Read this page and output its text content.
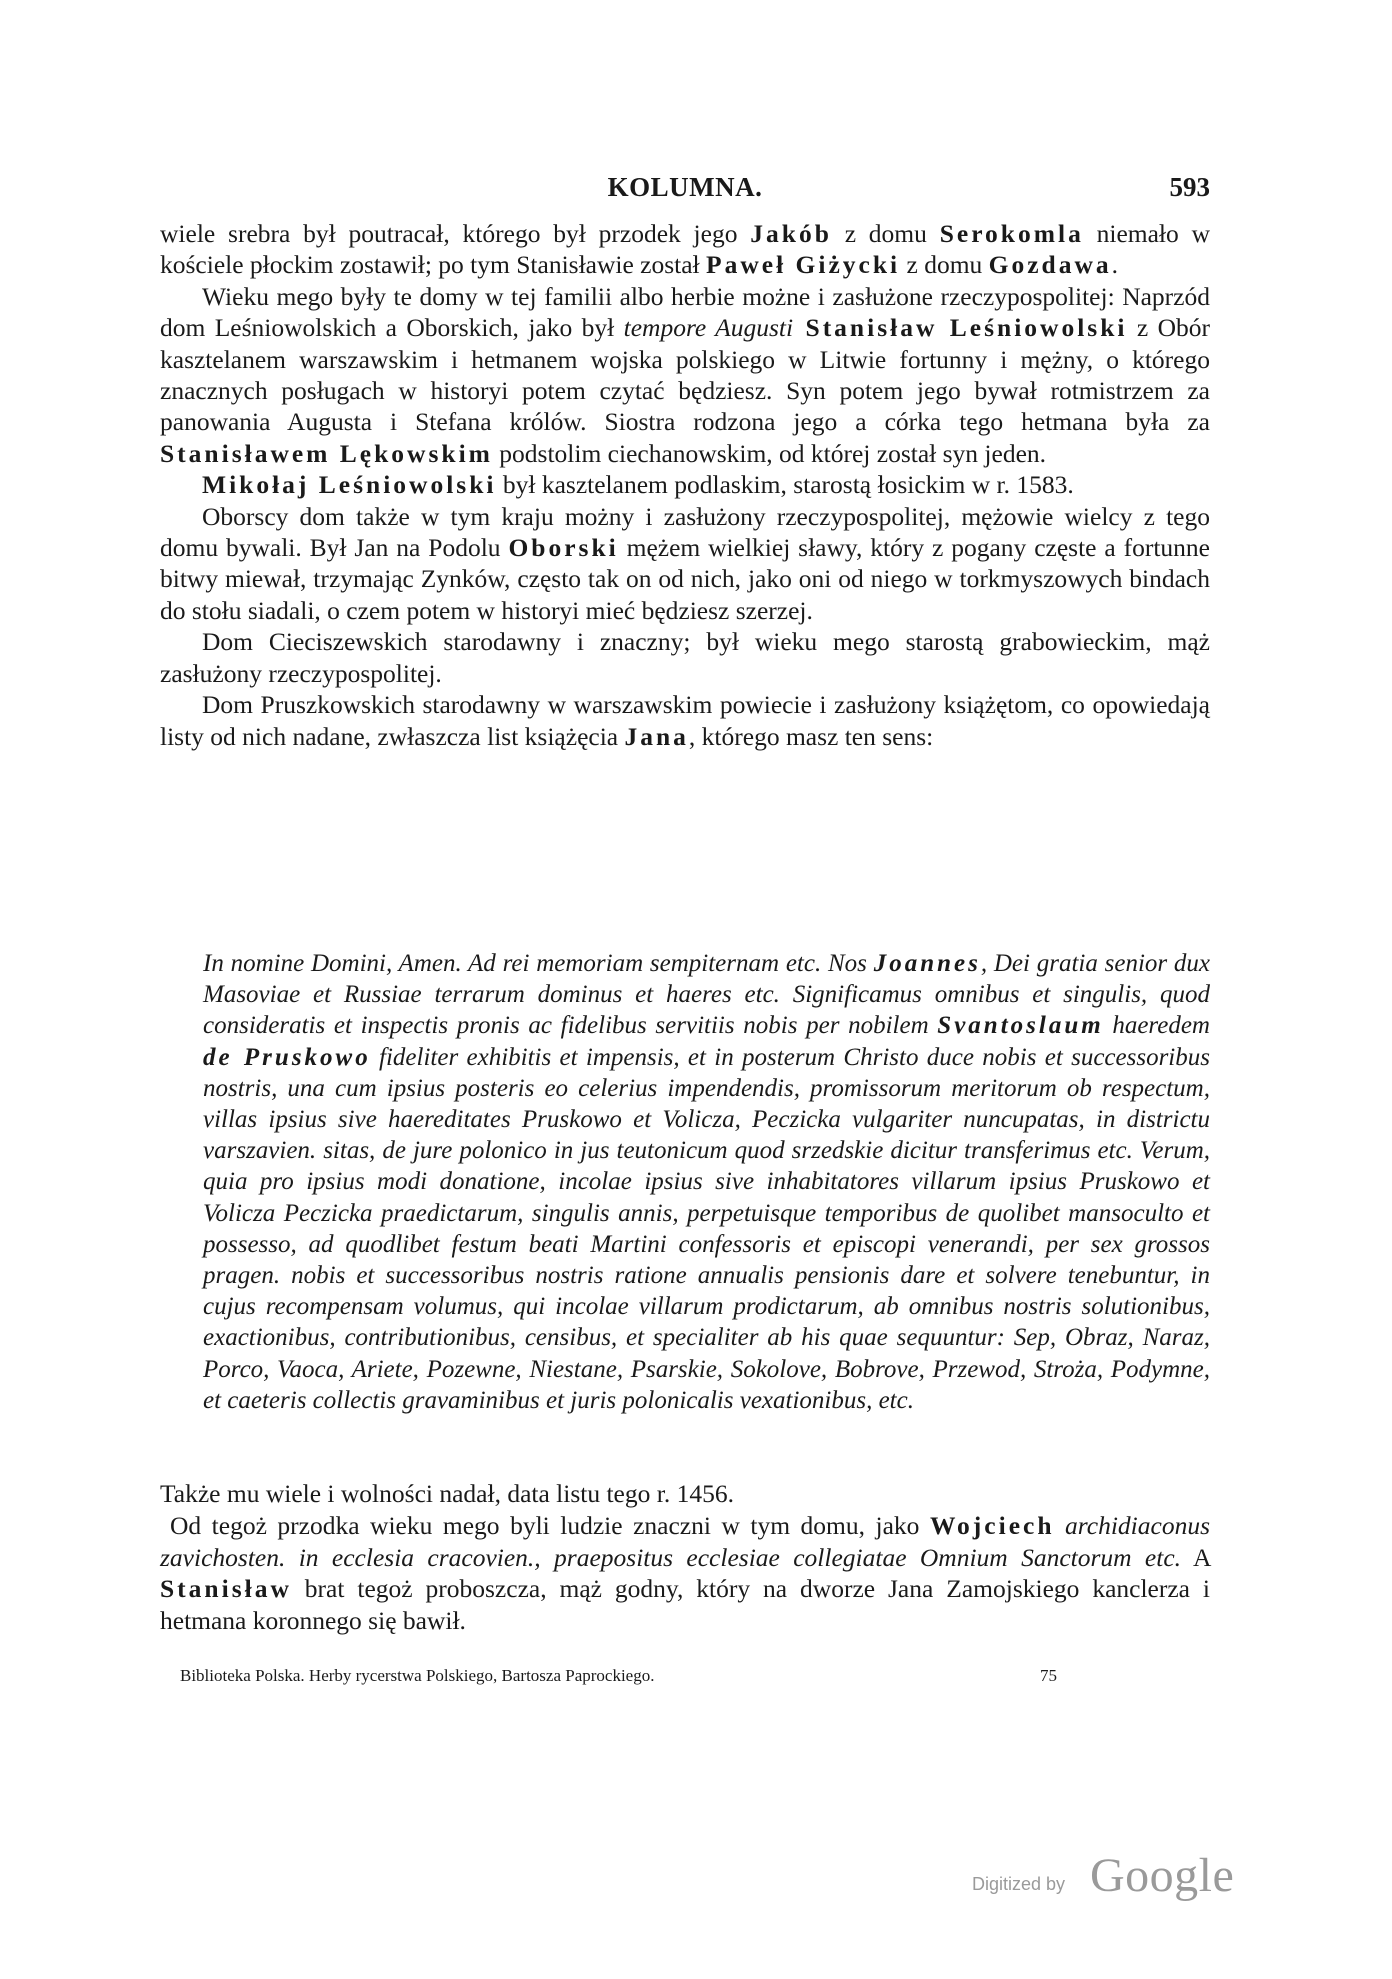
KOLUMNA.	593

wiele srebra był poutracał, którego był przodek jego Jakób z domu Serokomla niemało w kościele płockim zostawił; po tym Stanisławie został Paweł Giżycki z domu Gozdawa.

Wieku mego były te domy w tej familii albo herbie możne i zasłużone rzeczypospolitej: Naprzód dom Leśniowolskich a Oborskich, jako był tempore Augusti Stanisław Leśniowolski z Obór kasztelanem warszawskim i hetmanem wojska polskiego w Litwie fortunny i mężny, o którego znacznych posługach w historyi potem czytać będziesz. Syn potem jego bywał rotmistrzem za panowania Augusta i Stefana królów. Siostra rodzona jego a córka tego hetmana była za Stanisławem Lękowskim podstolim ciechanowskim, od której został syn jeden.

Mikołaj Leśniowolski był kasztelanem podlaskim, starostą łosickim w r. 1583.

Oborscy dom także w tym kraju możny i zasłużony rzeczypospolitej, mężowie wielcy z tego domu bywali. Był Jan na Podolu Oborski mężem wielkiej sławy, który z pogany częste a fortunne bitwy miewał, trzymając Zynków, często tak on od nich, jako oni od niego w torkmyszowych bindach do stołu siadali, o czem potem w historyi mieć będziesz szerzej.

Dom Cieciszewskich starodawny i znaczny; był wieku mego starostą grabowieckim, mąż zasłużony rzeczypospolitej.

Dom Pruszkowskich starodawny w warszawskim powiecie i zasłużony książętom, co opowiedają listy od nich nadane, zwłaszcza list książęcia Jana, którego masz ten sens:

In nomine Domini, Amen. Ad rei memoriam sempiternam etc. Nos Joannes, Dei gratia senior dux Masoviae et Russiae terrarum dominus et haeres etc. Significamus omnibus et singulis, quod consideratis et inspectis pronis ac fidelibus servitiis nobis per nobilem Svantoslaum haeredem de Pruskowo fideliter exhibitis et impensis, et in posterum Christo duce nobis et successoribus nostris, una cum ipsius posteris eo celerius impendendis, promissorum meritorum ob respectum, villas ipsius sive haereditates Pruskowo et Volicza, Peczicka vulgariter nuncupatas, in districtu varszavien. sitas, de jure polonico in jus teutonicum quod srzedskie dicitur transferimus etc. Verum, quia pro ipsius modi donatione, incolae ipsius sive inhabitatores villarum ipsius Pruskowo et Volicza Peczicka praedictarum, singulis annis, perpetuisque temporibus de quolibet mansoculto et possesso, ad quodlibet festum beati Martini confessoris et episcopi venerandi, per sex grossos pragen. nobis et successoribus nostris ratione annualis pensionis dare et solvere tenebuntur, in cujus recompensam volumus, qui incolae villarum prodictarum, ab omnibus nostris solutionibus, exactionibus, contributionibus, censibus, et specialiter ab his quae sequuntur: Sep, Obraz, Naraz, Porco, Vaoca, Ariete, Pozewne, Niestane, Psarskie, Sokolove, Bobrove, Przewod, Stroża, Podymne, et caeteris collectis gravaminibus et juris polonicalis vexationibus, etc.

Także mu wiele i wolności nadał, data listu tego r. 1456.

Od tegoż przodka wieku mego byli ludzie znaczni w tym domu, jako Wojciech archidiaconus zavichosten. in ecclesia cracovien., praepositus ecclesiae collegiatae Omnium Sanctorum etc. A Stanisław brat tegoż proboszcza, mąż godny, który na dworze Jana Zamojskiego kanclerza i hetmana koronnego się bawił.

Biblioteka Polska. Herby rycerstwa Polskiego, Bartosza Paprockiego.	75
Digitized by Google
